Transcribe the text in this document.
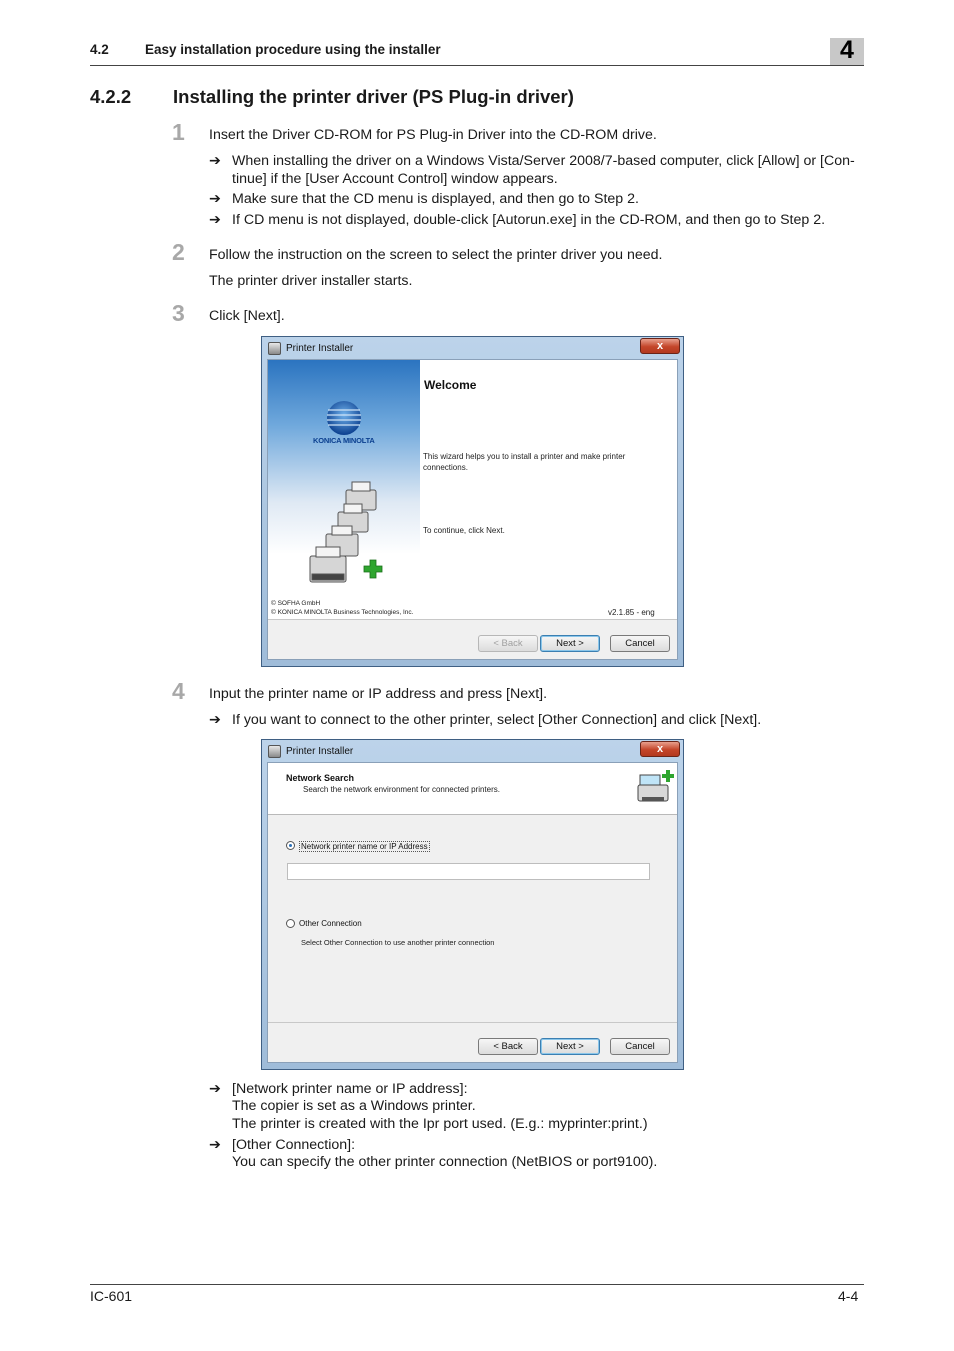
4.2	Easy installation procedure using the installer	4
4.2.2 Installing the printer driver (PS Plug-in driver)
1 Insert the Driver CD-ROM for PS Plug-in Driver into the CD-ROM drive.
➔ When installing the driver on a Windows Vista/Server 2008/7-based computer, click [Allow] or [Con-
tinue] if the [User Account Control] window appears.
➔ Make sure that the CD menu is displayed, and then go to Step 2.
➔ If CD menu is not displayed, double-click [Autorun.exe] in the CD-ROM, and then go to Step 2.
2 Follow the instruction on the screen to select the printer driver you need.
The printer driver installer starts.
3 Click [Next].
Printer Installer	x
KONICA MINOLTA
Welcome
This wizard helps you to install a printer and make printer
connections.
To continue, click Next.
v2.1.85 - eng
© SOFHA GmbH
© KONICA MINOLTA Business Technologies, Inc.
< Back	Next >	Cancel
4 Input the printer name or IP address and press [Next].
➔ If you want to connect to the other printer, select [Other Connection] and click [Next].
Printer Installer	x
Network Search
Search the network environment for connected printers.
Network printer name or IP Address
Other Connection
Select Other Connection to use another printer connection
< Back	Next >	Cancel
➔ [Network printer name or IP address]:
The copier is set as a Windows printer.
The printer is created with the Ipr port used. (E.g.: myprinter:print.)
➔ [Other Connection]:
You can specify the other printer connection (NetBIOS or port9100).
IC-601	4-4
